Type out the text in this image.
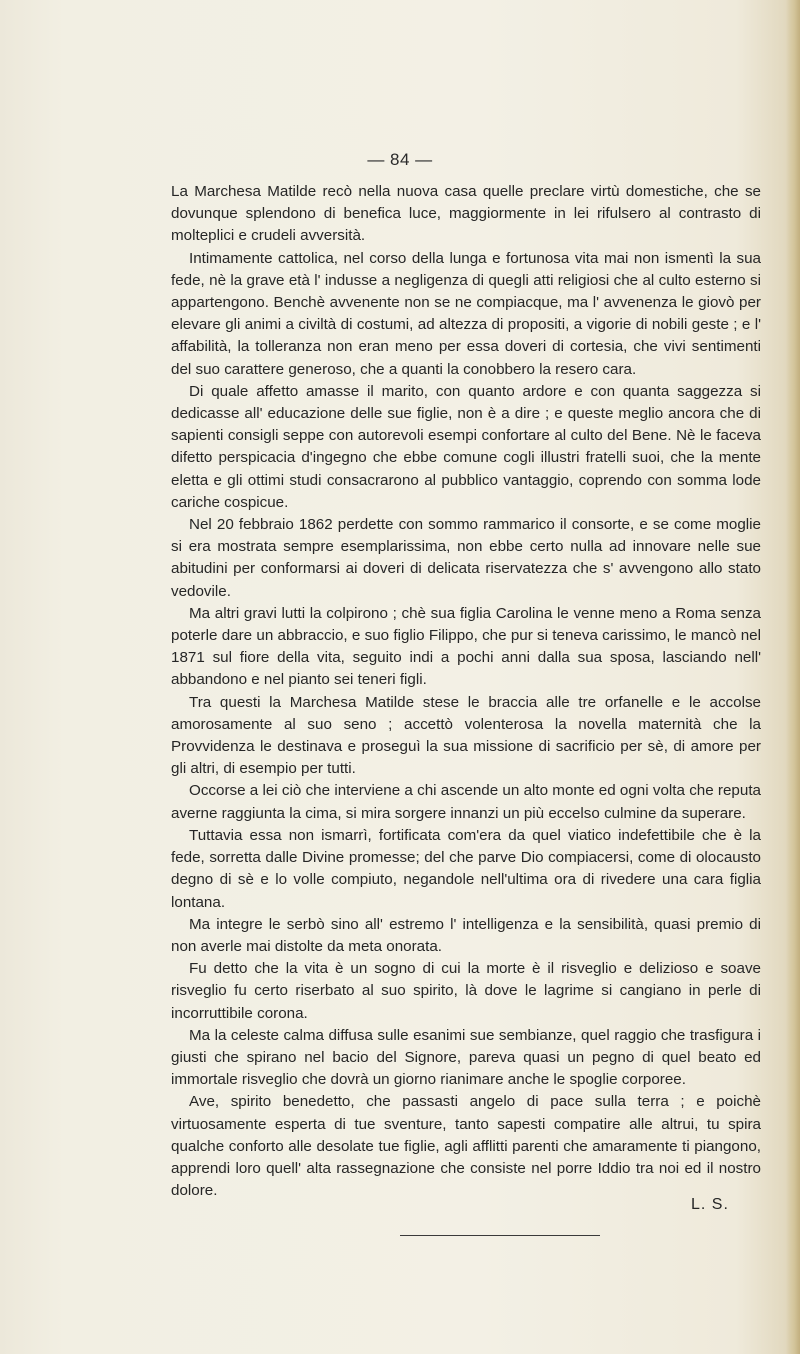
— 84 —

La Marchesa Matilde recò nella nuova casa quelle preclare virtù domestiche, che se dovunque splendono di benefica luce, maggiormente in lei rifulsero al contrasto di molteplici e crudeli avversità.

Intimamente cattolica, nel corso della lunga e fortunosa vita mai non ismentì la sua fede, nè la grave età l' indusse a negligenza di quegli atti religiosi che al culto esterno si appartengono. Benchè avvenente non se ne compiacque, ma l' avvenenza le giovò per elevare gli animi a civiltà di costumi, ad altezza di propositi, a vigorie di nobili geste ; e l' affabilità, la tolleranza non eran meno per essa doveri di cortesia, che vivi sentimenti del suo carattere generoso, che a quanti la conobbero la resero cara.

Di quale affetto amasse il marito, con quanto ardore e con quanta saggezza si dedicasse all' educazione delle sue figlie, non è a dire ; e queste meglio ancora che di sapienti consigli seppe con autorevoli esempi confortare al culto del Bene. Nè le faceva difetto perspicacia d'ingegno che ebbe comune cogli illustri fratelli suoi, che la mente eletta e gli ottimi studi consacrarono al pubblico vantaggio, coprendo con somma lode cariche cospicue.

Nel 20 febbraio 1862 perdette con sommo rammarico il consorte, e se come moglie si era mostrata sempre esemplarissima, non ebbe certo nulla ad innovare nelle sue abitudini per conformarsi ai doveri di delicata riservatezza che s' avvengono allo stato vedovile.

Ma altri gravi lutti la colpirono ; chè sua figlia Carolina le venne meno a Roma senza poterle dare un abbraccio, e suo figlio Filippo, che pur si teneva carissimo, le mancò nel 1871 sul fiore della vita, seguito indi a pochi anni dalla sua sposa, lasciando nell' abbandono e nel pianto sei teneri figli.

Tra questi la Marchesa Matilde stese le braccia alle tre orfanelle e le accolse amorosamente al suo seno ; accettò volenterosa la novella maternità che la Provvidenza le destinava e proseguì la sua missione di sacrificio per sè, di amore per gli altri, di esempio per tutti.

Occorse a lei ciò che interviene a chi ascende un alto monte ed ogni volta che reputa averne raggiunta la cima, si mira sorgere innanzi un più eccelso culmine da superare.

Tuttavia essa non ismarrì, fortificata com'era da quel viatico indefettibile che è la fede, sorretta dalle Divine promesse; del che parve Dio compiacersi, come di olocausto degno di sè e lo volle compiuto, negandole nell'ultima ora di rivedere una cara figlia lontana.

Ma integre le serbò sino all' estremo l' intelligenza e la sensibilità, quasi premio di non averle mai distolte da meta onorata.

Fu detto che la vita è un sogno di cui la morte è il risveglio e delizioso e soave risveglio fu certo riserbato al suo spirito, là dove le lagrime si cangiano in perle di incorruttibile corona.

Ma la celeste calma diffusa sulle esanimi sue sembianze, quel raggio che trasfigura i giusti che spirano nel bacio del Signore, pareva quasi un pegno di quel beato ed immortale risveglio che dovrà un giorno rianimare anche le spoglie corporee.

Ave, spirito benedetto, che passasti angelo di pace sulla terra ; e poichè virtuosamente esperta di tue sventure, tanto sapesti compatire alle altrui, tu spira qualche conforto alle desolate tue figlie, agli afflitti parenti che amaramente ti piangono, apprendi loro quell' alta rassegnazione che consiste nel porre Iddio tra noi ed il nostro dolore.

L. S.
